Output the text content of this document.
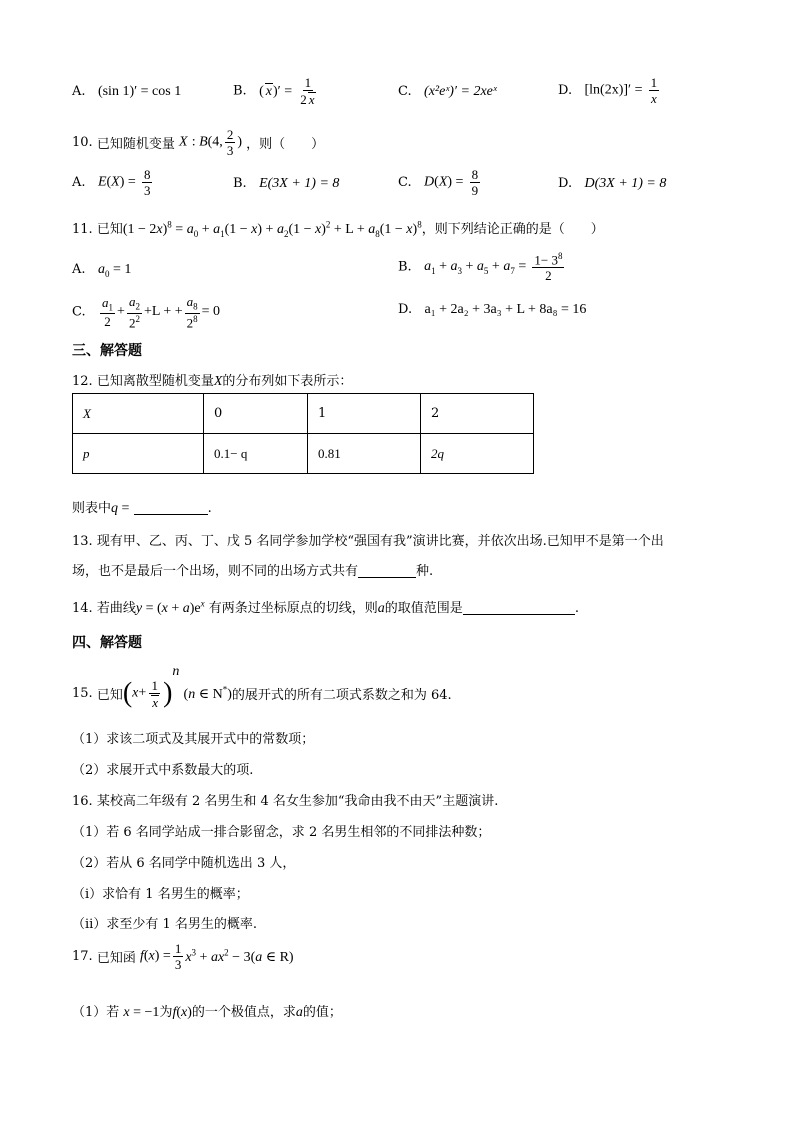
A. (sin 1)′ = cos 1	B. ( $x)' = \frac{1}{2 x}$	C. (x²eˣ)′ = 2xeˣ	D. $[\ln(2x)]' = \frac{1}{x}$
10. 已知随机变量 X : B(4, $\frac{2}{3}$ ) ，则（　　）
A. $E(X) = \frac{8}{3}$	B. E(3X + 1) = 8	C. $D(X) = \frac{8}{9}$	D. D(3X + 1) = 8
11. 已知$(1 - 2x)^8 = a_0 + a_1(1 - x) + a_2(1 - x)^2 + L + a_8(1 - x)^8$，则下列结论正确的是（　　）
A. $a_0 = 1$	B. $a_1 + a_3 + a_5 + a_7 = \frac{1- 3^8}{2}$
C. $\frac{a_1}{2} + \frac{a_2}{2^2} +L$ + + $\frac{a_8}{2^8} = 0$	D. a₁ + 2a₂ + 3a₃ + L + 8a₈ = 16
三、解答题
12. 已知离散型随机变量X的分布列如下表所示：
X	0	1	2
p	0.1− q	0.81	2q
则表中q =	.
13. 现有甲、乙、丙、丁、戊 5 名同学参加学校“强国有我”演讲比赛，并依次出场.已知甲不是第一个出
场，也不是最后一个出场，则不同的出场方式共有	种.
14. 若曲线$y = (x + a)e^x$ 有两条过坐标原点的切线，则a的取值范围是	.
四、解答题
15. 已知$(x+ \frac{1}{x} )^n$ (n ∈ N*)的展开式的所有二项式系数之和为 64.
（1）求该二项式及其展开式中的常数项；
（2）求展开式中系数最大的项.
16. 某校高二年级有 2 名男生和 4 名女生参加“我命由我不由天”主题演讲.
（1）若 6 名同学站成一排合影留念，求 2 名男生相邻的不同排法种数；
（2）若从 6 名同学中随机选出 3 人，
（i）求恰有 1 名男生的概率；
（ii）求至少有 1 名男生的概率.
17. 已知函 $f(x) = \frac{1}{3} x^3 + ax^2 - 3(a$ ∈ R)
（1）若 x = −1为f(x)的一个极值点，求a的值；
